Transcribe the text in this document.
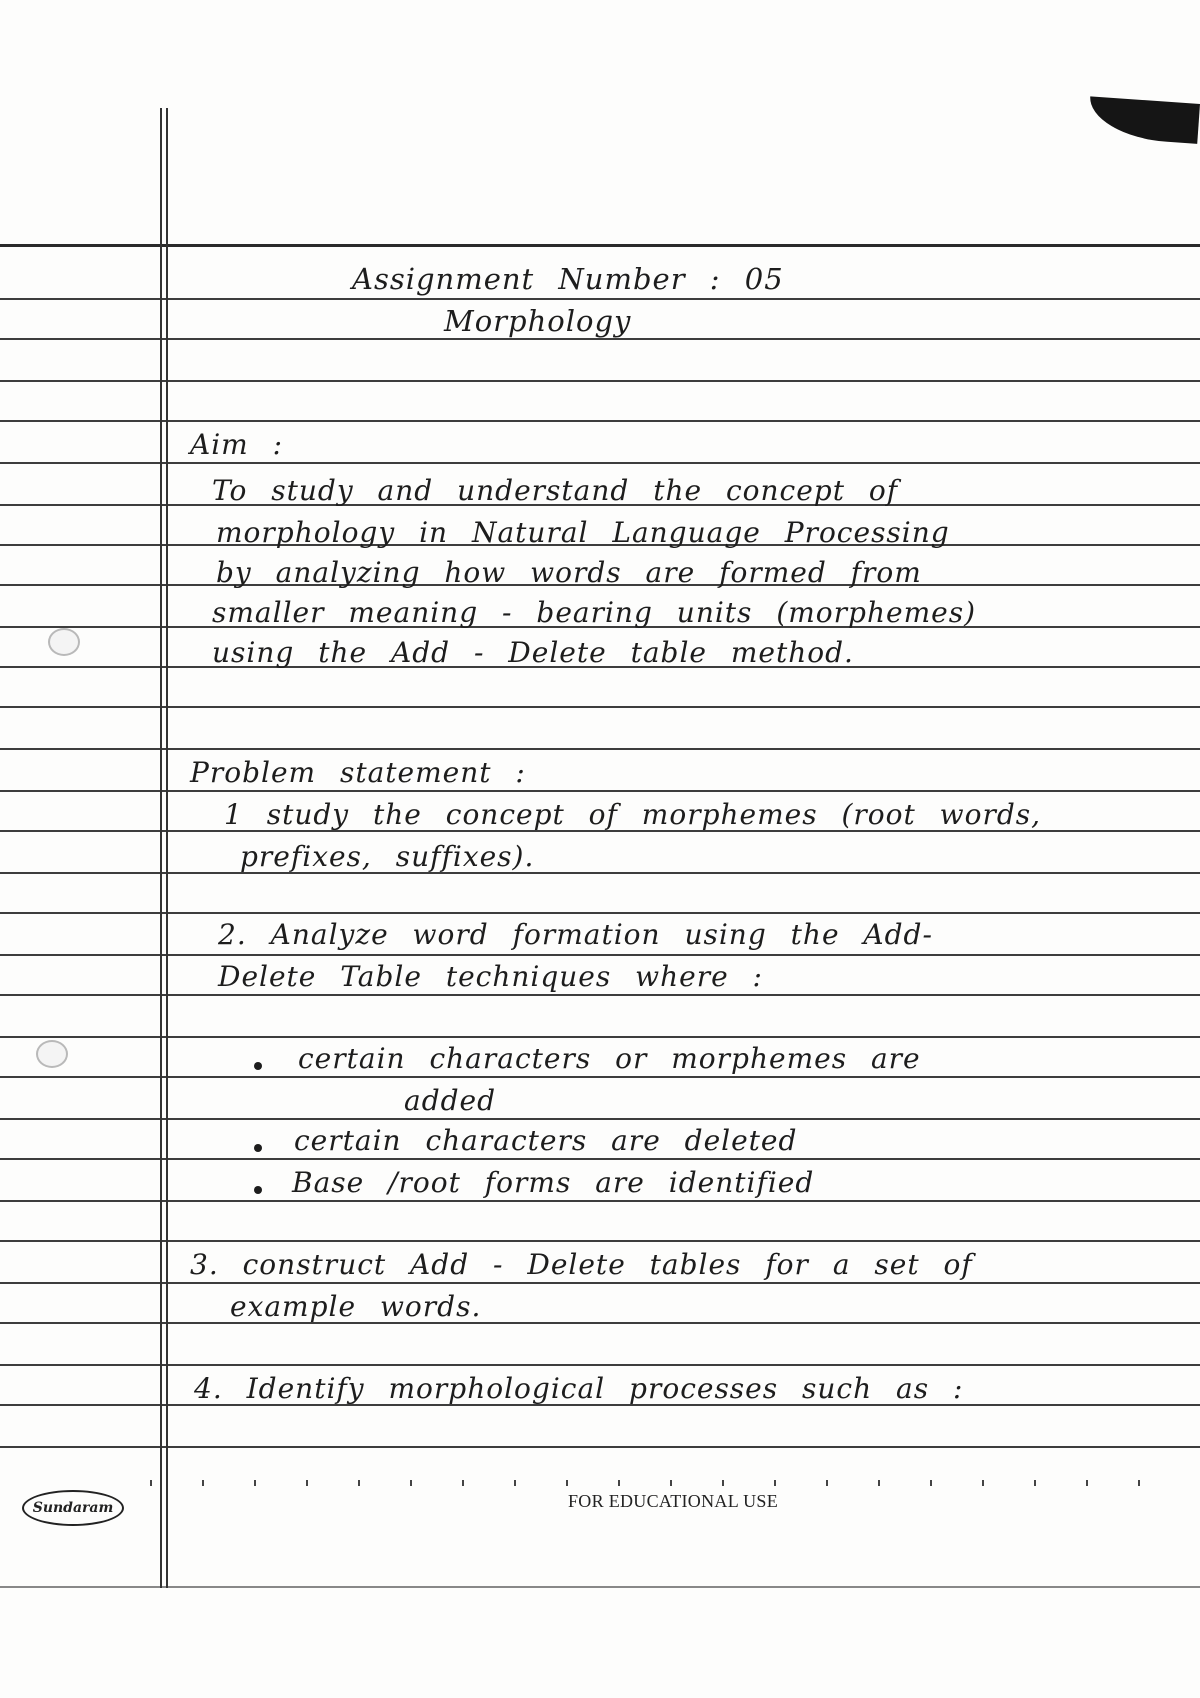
Assignment Number : 05
Morphology
Aim :
To study and understand the concept of
morphology in Natural Language Processing
by analyzing how words are formed from
smaller meaning - bearing units (morphemes)
using the Add - Delete table method.
Problem statement :
1 study the concept of morphemes (root words,
prefixes, suffixes).
2. Analyze word formation using the Add-
Delete Table techniques where :
certain characters or morphemes are
added
certain characters are deleted
Base /root forms are identified
3. construct Add - Delete tables for a set of
example words.
4. Identify morphological processes such as :
Sundaram	FOR EDUCATIONAL USE
